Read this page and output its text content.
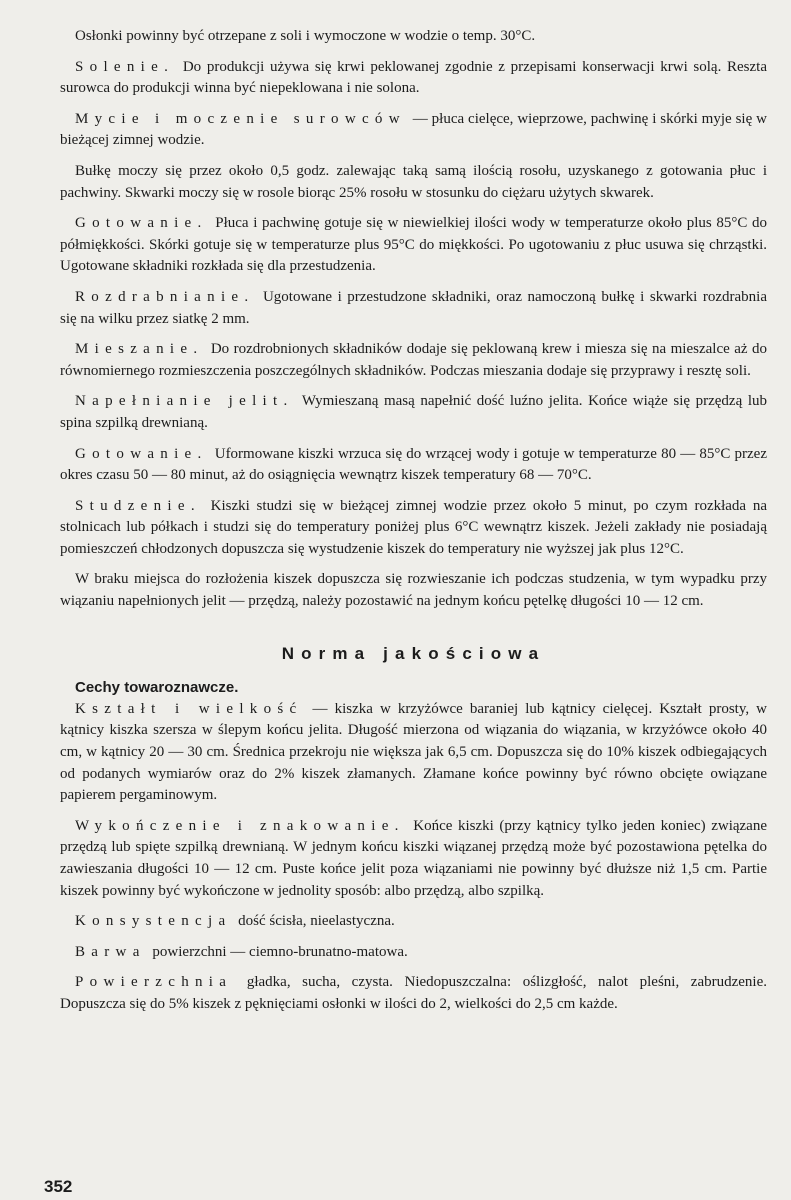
Osłonki powinny być otrzepane z soli i wymoczone w wodzie o temp. 30°C.

Solenie. Do produkcji używa się krwi peklowanej zgodnie z przepisami konserwacji krwi solą. Reszta surowca do produkcji winna być niepeklowana i nie solona.

Mycie i moczenie surowców — płuca cielęce, wieprzowe, pachwinę i skórki myje się w bieżącej zimnej wodzie.

Bułkę moczy się przez około 0,5 godz. zalewając taką samą ilością rosołu, uzyskanego z gotowania płuc i pachwiny. Skwarki moczy się w rosole biorąc 25% rosołu w stosunku do ciężaru użytych skwarek.

Gotowanie. Płuca i pachwinę gotuje się w niewielkiej ilości wody w temperaturze około plus 85°C do półmiękkości. Skórki gotuje się w temperaturze plus 95°C do miękkości. Po ugotowaniu z płuc usuwa się chrząstki. Ugotowane składniki rozkłada się dla przestudzenia.

Rozdrabnianie. Ugotowane i przestudzone składniki, oraz namoczoną bułkę i skwarki rozdrabnia się na wilku przez siatkę 2 mm.

Mieszanie. Do rozdrobnionych składników dodaje się peklowaną krew i miesza się na mieszalce aż do równomiernego rozmieszczenia poszczególnych składników. Podczas mieszania dodaje się przyprawy i resztę soli.

Napełnianie jelit. Wymieszaną masą napełnić dość luźno jelita. Końce wiąże się przędzą lub spina szpilką drewnianą.

Gotowanie. Uformowane kiszki wrzuca się do wrzącej wody i gotuje w temperaturze 80 — 85°C przez okres czasu 50 — 80 minut, aż do osiągnięcia wewnątrz kiszek temperatury 68 — 70°C.

Studzenie. Kiszki studzi się w bieżącej zimnej wodzie przez około 5 minut, po czym rozkłada na stolnicach lub półkach i studzi się do temperatury poniżej plus 6°C wewnątrz kiszek. Jeżeli zakłady nie posiadają pomieszczeń chłodzonych dopuszcza się wystudzenie kiszek do temperatury nie wyższej jak plus 12°C.

W braku miejsca do rozłożenia kiszek dopuszcza się rozwieszanie ich podczas studzenia, w tym wypadku przy wiązaniu napełnionych jelit — przędzą, należy pozostawić na jednym końcu pętelkę długości 10 — 12 cm.

Norma jakościowa
Cechy towaroznawcze.

Kształt i wielkość — kiszka w krzyżówce baraniej lub kątnicy cielęcej. Kształt prosty, w kątnicy kiszka szersza w ślepym końcu jelita. Długość mierzona od wiązania do wiązania, w krzyżówce około 40 cm, w kątnicy 20 — 30 cm. Średnica przekroju nie większa jak 6,5 cm. Dopuszcza się do 10% kiszek odbiegających od podanych wymiarów oraz do 2% kiszek złamanych. Złamane końce powinny być równo obcięte owiązane papierem pergaminowym.

Wykończenie i znakowanie. Końce kiszki (przy kątnicy tylko jeden koniec) związane przędzą lub spięte szpilką drewnianą. W jednym końcu kiszki wiązanej przędzą może być pozostawiona pętelka do zawieszania długości 10 — 12 cm. Puste końce jelit poza wiązaniami nie powinny być dłuższe niż 1,5 cm. Partie kiszek powinny być wykończone w jednolity sposób: albo przędzą, albo szpilką.

Konsystencja dość ścisła, nieelastyczna.

Barwa powierzchni — ciemno-brunatno-matowa.

Powierzchnia gładka, sucha, czysta. Niedopuszczalna: oślizgłość, nalot pleśni, zabrudzenie. Dopuszcza się do 5% kiszek z pęknięciami osłonki w ilości do 2, wielkości do 2,5 cm każde.

352
